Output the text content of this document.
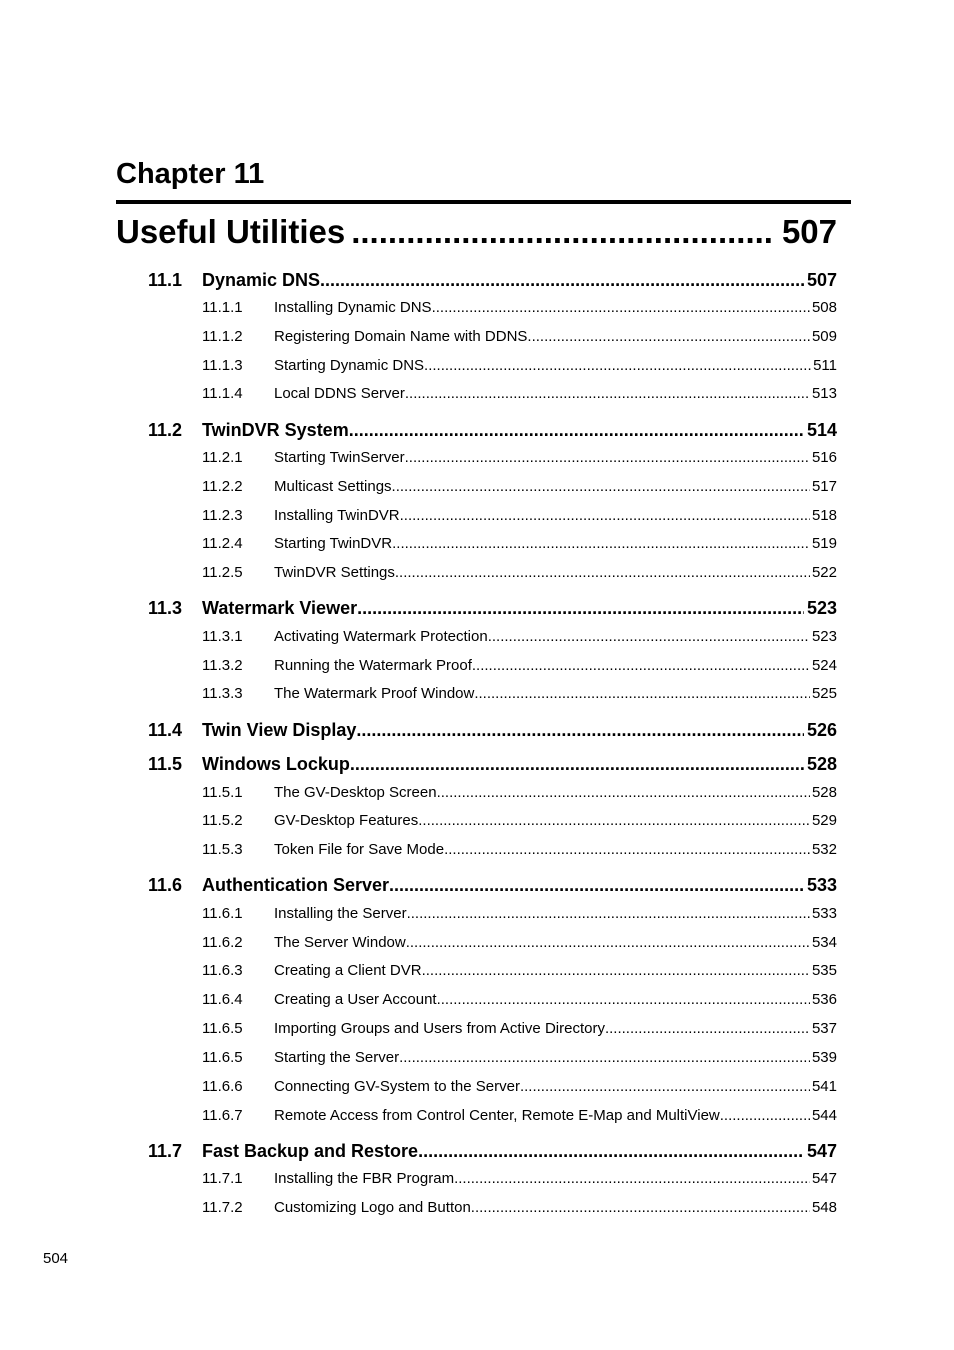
Chapter 11
Useful Utilities .....	507
11.1	Dynamic DNS .....	507
11.1.1	Installing Dynamic DNS .....	508
11.1.2	Registering Domain Name with DDNS .....	509
11.1.3	Starting Dynamic DNS .....	511
11.1.4	Local DDNS Server .....	513
11.2	TwinDVR System .....	514
11.2.1	Starting TwinServer .....	516
11.2.2	Multicast Settings .....	517
11.2.3	Installing TwinDVR .....	518
11.2.4	Starting TwinDVR .....	519
11.2.5	TwinDVR Settings .....	522
11.3	Watermark Viewer .....	523
11.3.1	Activating Watermark Protection .....	523
11.3.2	Running the Watermark Proof .....	524
11.3.3	The Watermark Proof Window .....	525
11.4	Twin View Display .....	526
11.5	Windows Lockup .....	528
11.5.1	The GV-Desktop Screen .....	528
11.5.2	GV-Desktop Features .....	529
11.5.3	Token File for Save Mode .....	532
11.6	Authentication Server .....	533
11.6.1	Installing the Server .....	533
11.6.2	The Server Window .....	534
11.6.3	Creating a Client DVR .....	535
11.6.4	Creating a User Account .....	536
11.6.5	Importing Groups and Users from Active Directory .....	537
11.6.5	Starting the Server .....	539
11.6.6	Connecting GV-System to the Server .....	541
11.6.7	Remote Access from Control Center, Remote E-Map and MultiView .....	544
11.7	Fast Backup and Restore .....	547
11.7.1	Installing the FBR Program .....	547
11.7.2	Customizing Logo and Button .....	548
504
